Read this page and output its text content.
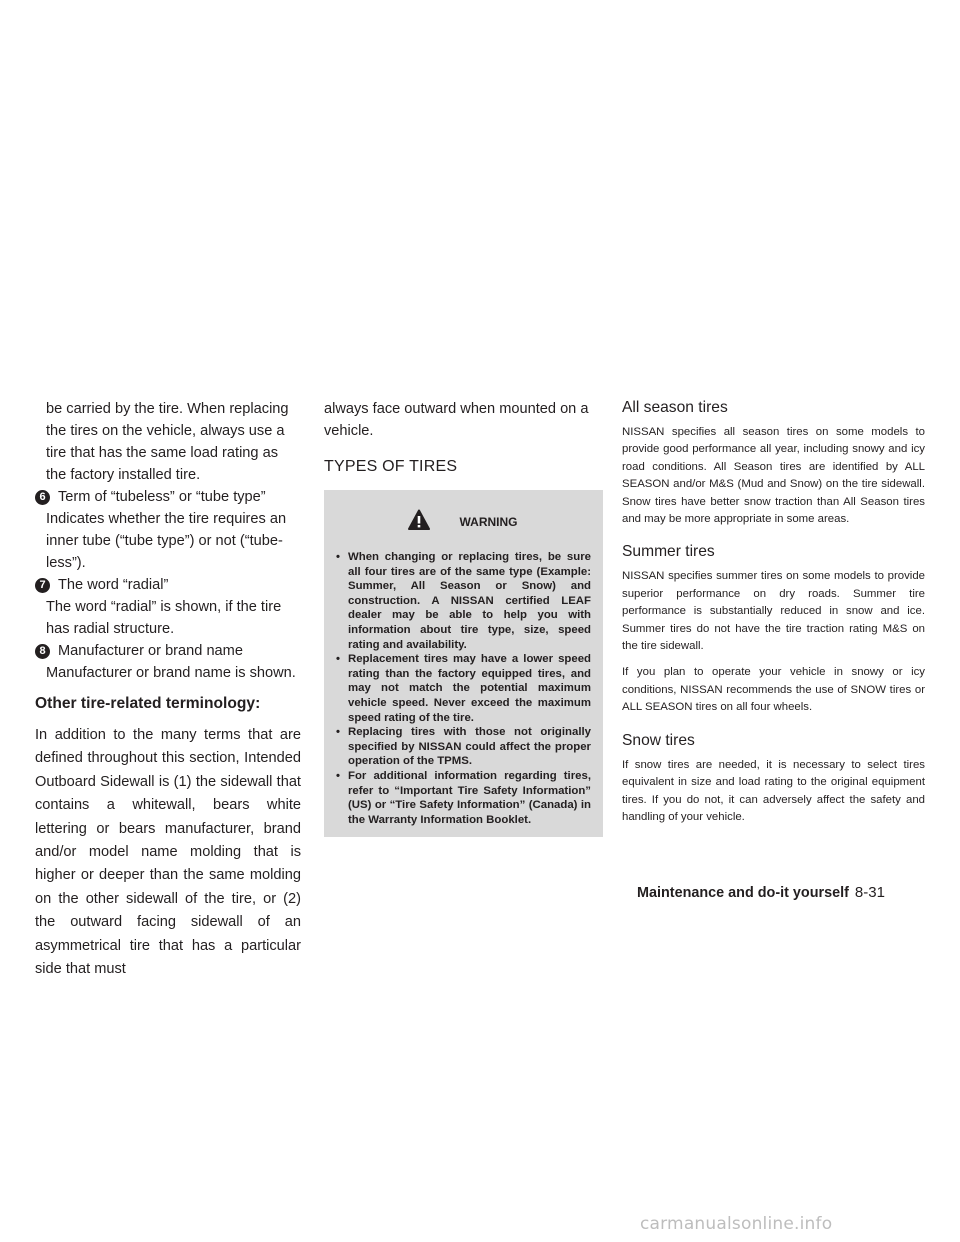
be carried by the tire. When replacing the tires on the vehicle, always use a tire that has the same load rating as the factory installed tire.

6 Term of “tubeless” or “tube type”

Indicates whether the tire requires an inner tube (“tube type”) or not (“tube-less”).

7 The word “radial”

The word “radial” is shown, if the tire has radial structure.

8 Manufacturer or brand name

Manufacturer or brand name is shown.

Other tire-related terminology:

In addition to the many terms that are defined throughout this section, Intended Outboard Sidewall is (1) the sidewall that contains a whitewall, bears white lettering or bears manufacturer, brand and/or model name molding that is higher or deeper than the same molding on the other sidewall of the tire, or (2) the outward facing sidewall of an asymmetrical tire that has a particular side that must

always face outward when mounted on a vehicle.

TYPES OF TIRES
WARNING
• When changing or replacing tires, be sure all four tires are of the same type (Example: Summer, All Season or Snow) and construction. A NISSAN certified LEAF dealer may be able to help you with information about tire type, size, speed rating and availability.
• Replacement tires may have a lower speed rating than the factory equipped tires, and may not match the potential maximum vehicle speed. Never exceed the maximum speed rating of the tire.
• Replacing tires with those not originally specified by NISSAN could affect the proper operation of the TPMS.
• For additional information regarding tires, refer to “Important Tire Safety Information” (US) or “Tire Safety Information” (Canada) in the Warranty Information Booklet.
All season tires

NISSAN specifies all season tires on some models to provide good performance all year, including snowy and icy road conditions. All Season tires are identified by ALL SEASON and/or M&S (Mud and Snow) on the tire sidewall. Snow tires have better snow traction than All Season tires and may be more appropriate in some areas.

Summer tires

NISSAN specifies summer tires on some models to provide superior performance on dry roads. Summer tire performance is substantially reduced in snow and ice. Summer tires do not have the tire traction rating M&S on the tire sidewall.

If you plan to operate your vehicle in snowy or icy conditions, NISSAN recommends the use of SNOW tires or ALL SEASON tires on all four wheels.

Snow tires

If snow tires are needed, it is necessary to select tires equivalent in size and load rating to the original equipment tires. If you do not, it can adversely affect the safety and handling of your vehicle.

Maintenance and do-it yourself 8-31
carmanualsonline.info
